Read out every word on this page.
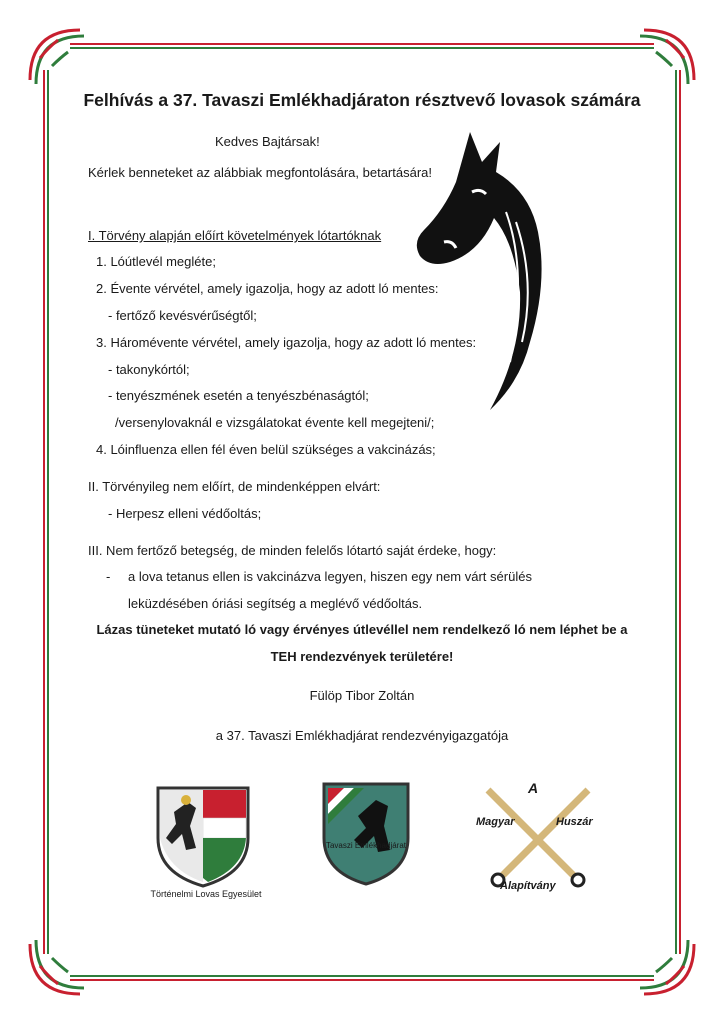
Felhívás a 37. Tavaszi Emlékhadjáraton résztvevő lovasok számára
Kedves Bajtársak!
Kérlek benneteket az alábbiak megfontolására, betartására!
I. Törvény alapján előírt követelmények lótartóknak
1. Lóútlevél megléte;
2. Évente vérvétel, amely igazolja, hogy az adott ló mentes:
- fertőző kevésvérűségtől;
3. Háromévente vérvétel, amely igazolja, hogy az adott ló mentes:
- takonykórtól;
- tenyészmének esetén a tenyészbénaságtól;
/versenylovaknál e vizsgálatokat évente kell megejteni/;
4. Lóinfluenza ellen fél éven belül szükséges a vakcinázás;
II. Törvényileg nem előírt, de mindenképpen elvárt:
- Herpesz elleni védőoltás;
III. Nem fertőző betegség, de minden felelős lótartó saját érdeke, hogy:
- a lova tetanus ellen is vakcinázva legyen, hiszen egy nem várt sérülés
leküzdésében óriási segítség a meglévő védőoltás.
Lázas tüneteket mutató ló vagy érvényes útlevéllel nem rendelkező ló nem léphet be a
TEH rendezvények területére!
Fülöp Tibor Zoltán
a 37. Tavaszi Emlékhadjárat rendezvényigazgatója
Történelmi Lovas Egyesület
Tavaszi Emlékhadjárat
A
Magyar	Huszár
Alapítvány
